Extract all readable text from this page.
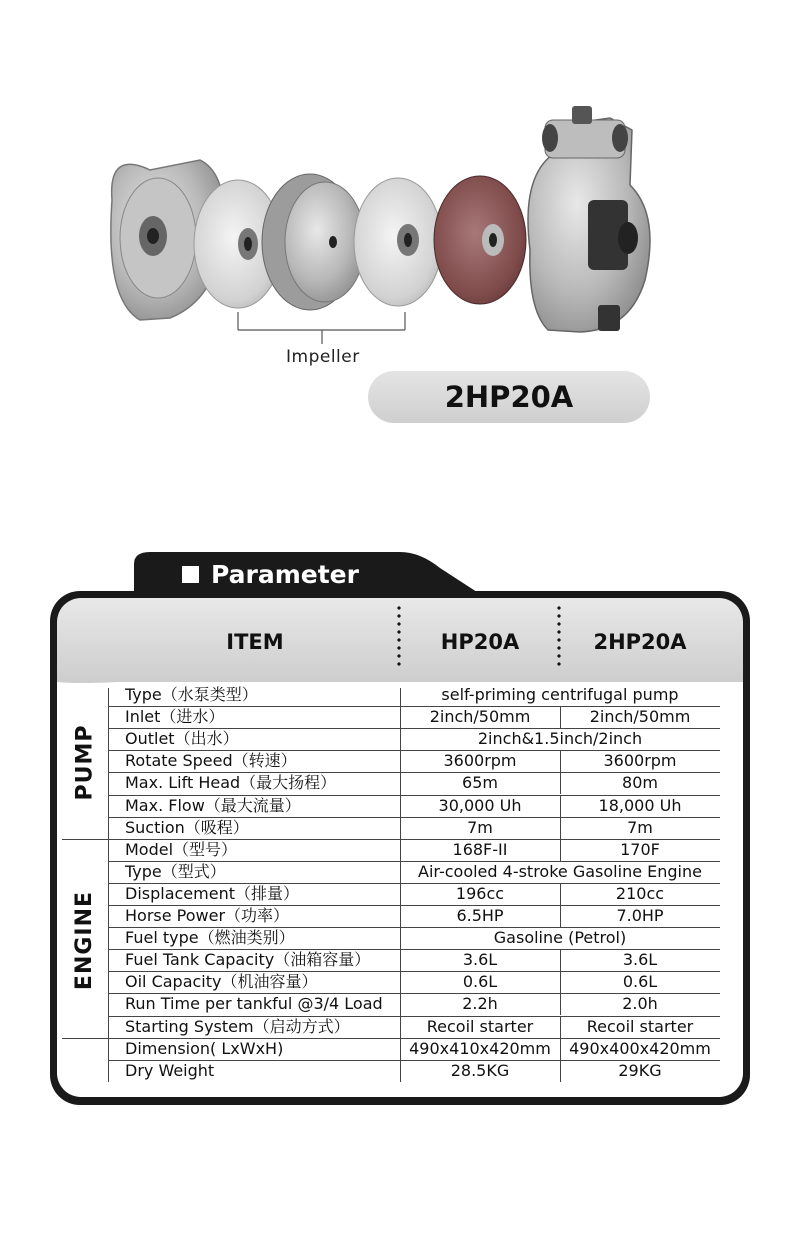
Impeller
2HP20A
Parameter
ITEM	HP20A	2HP20A
PUMP
ENGINE
Type（水泵类型）	self-priming centrifugal pump
Inlet（进水）	2inch/50mm	2inch/50mm
Outlet（出水）	2inch&1.5inch/2inch
Rotate Speed（转速）	3600rpm	3600rpm
Max. Lift Head（最大扬程）	65m	80m
Max. Flow（最大流量）	30,000 Uh	18,000 Uh
Suction（吸程）	7m	7m
Model（型号）	168F-II	170F
Type（型式）	Air-cooled 4-stroke Gasoline Engine
Displacement（排量）	196cc	210cc
Horse Power（功率）	6.5HP	7.0HP
Fuel type（燃油类别）	Gasoline (Petrol)
Fuel Tank Capacity（油箱容量）	3.6L	3.6L
Oil Capacity（机油容量）	0.6L	0.6L
Run Time per tankful @3/4 Load	2.2h	2.0h
Starting System（启动方式）	Recoil starter	Recoil starter
Dimension( LxWxH)	490x410x420mm	490x400x420mm
Dry Weight	28.5KG	29KG
